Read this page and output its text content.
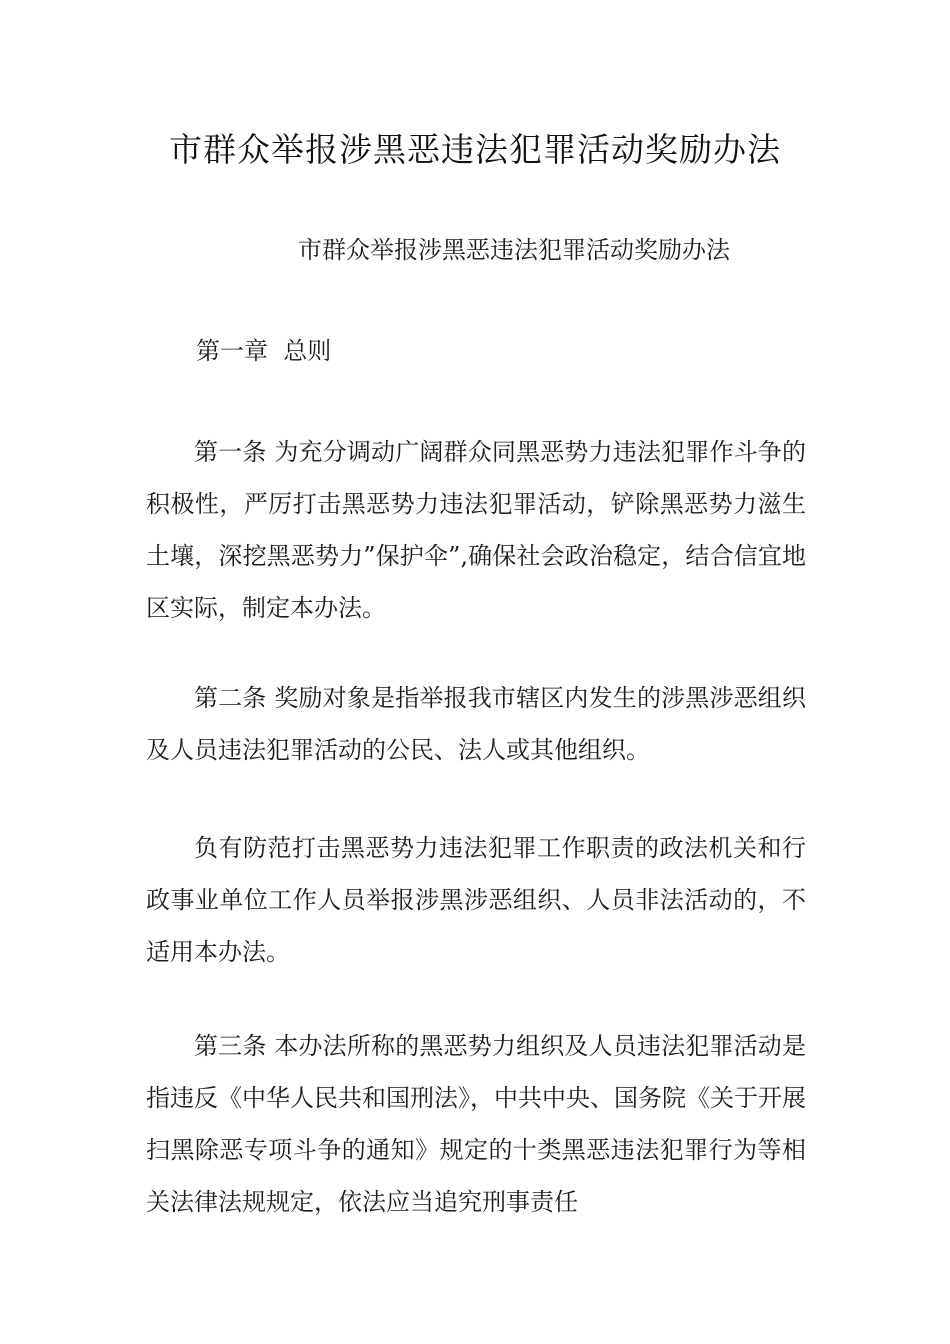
市群众举报涉黑恶违法犯罪活动奖励办法
市群众举报涉黑恶违法犯罪活动奖励办法
第一章  总则
第一条 为充分调动广阔群众同黑恶势力违法犯罪作斗争的积极性，严厉打击黑恶势力违法犯罪活动，铲除黑恶势力滋生土壤，深挖黑恶势力”保护伞”,确保社会政治稳定，结合信宜地区实际，制定本办法。
第二条 奖励对象是指举报我市辖区内发生的涉黑涉恶组织及人员违法犯罪活动的公民、法人或其他组织。
负有防范打击黑恶势力违法犯罪工作职责的政法机关和行政事业单位工作人员举报涉黑涉恶组织、人员非法活动的，不适用本办法。
第三条 本办法所称的黑恶势力组织及人员违法犯罪活动是指违反《中华人民共和国刑法》，中共中央、国务院《关于开展扫黑除恶专项斗争的通知》规定的十类黑恶违法犯罪行为等相关法律法规规定，依法应当追究刑事责任
